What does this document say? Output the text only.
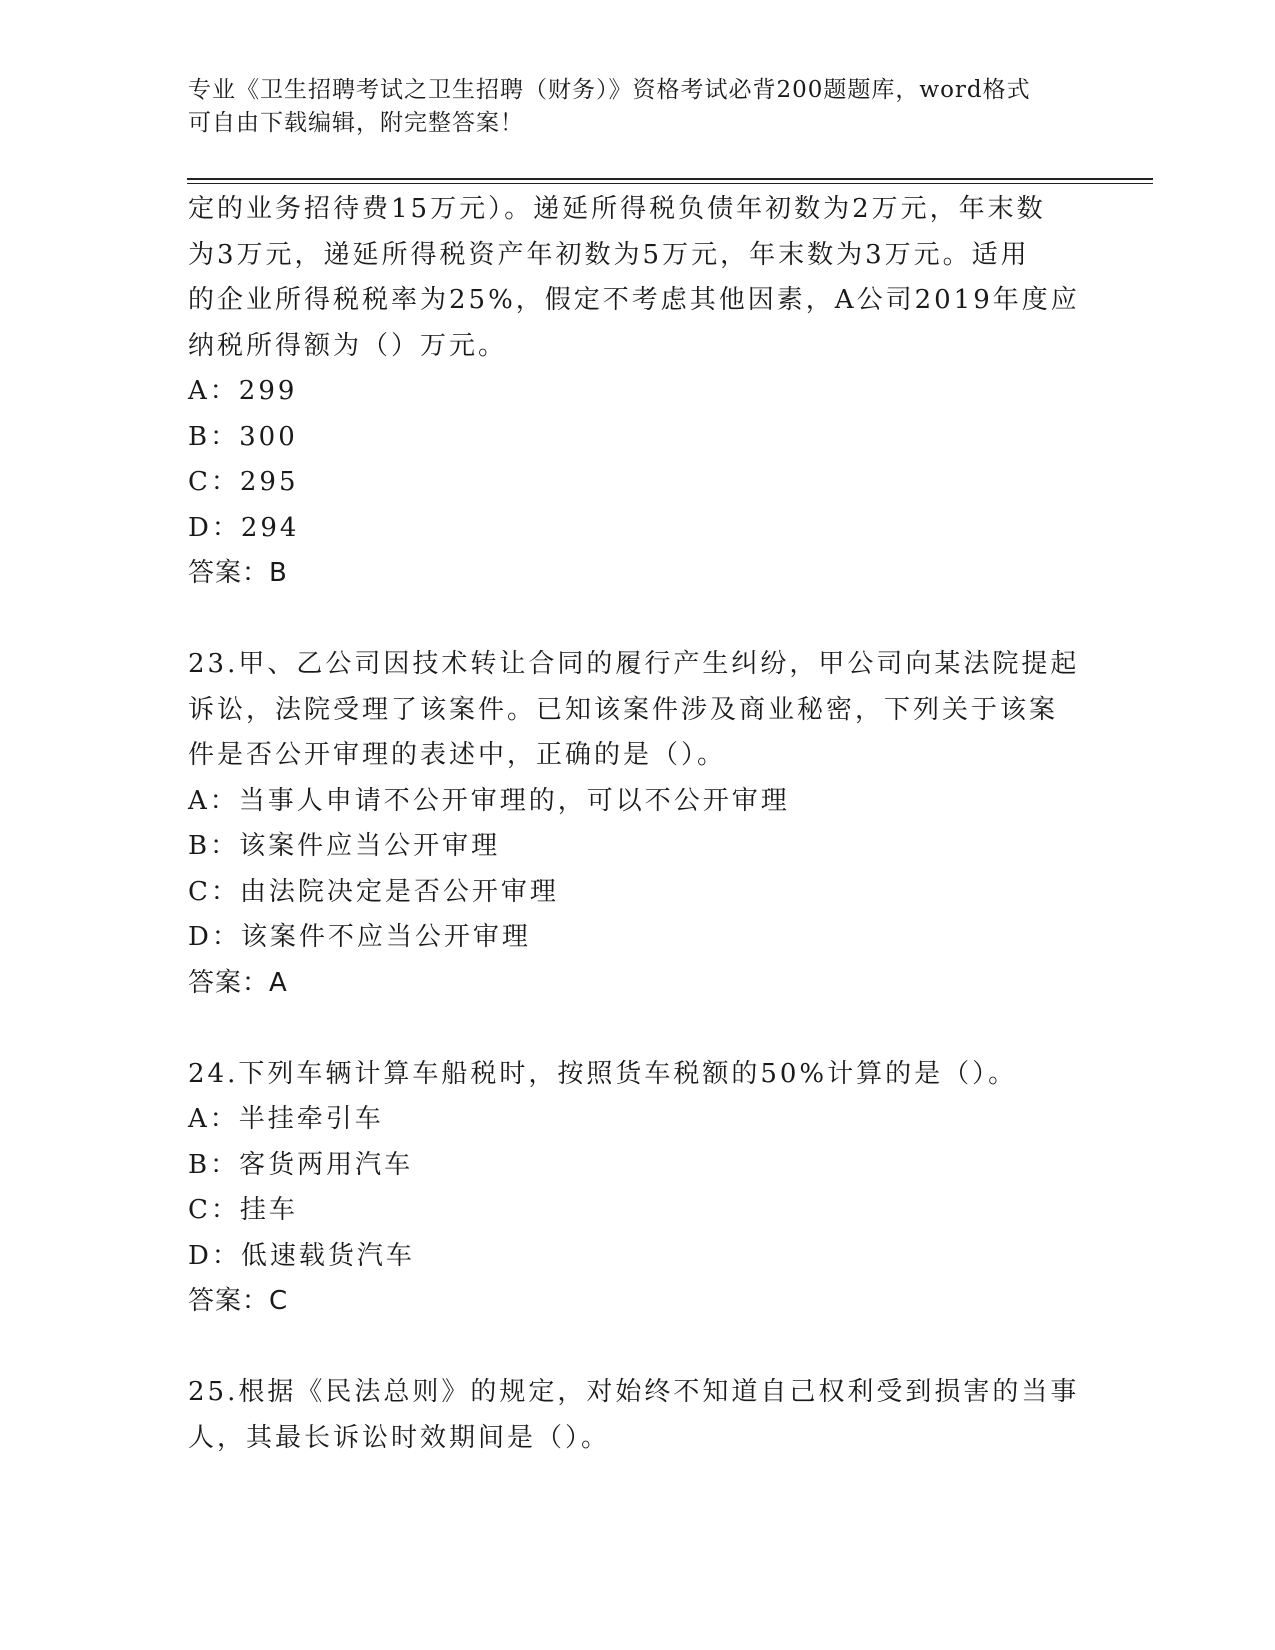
专业《卫生招聘考试之卫生招聘（财务）》资格考试必背200题题库，word格式
可自由下载编辑，附完整答案！
定的业务招待费15万元）。递延所得税负债年初数为2万元，年末数
为3万元，递延所得税资产年初数为5万元，年末数为3万元。适用
的企业所得税税率为25%，假定不考虑其他因素，A公司2019年度应
纳税所得额为（）万元。
A：299
B：300
C：295
D：294
答案：B
23.甲、乙公司因技术转让合同的履行产生纠纷，甲公司向某法院提起
诉讼，法院受理了该案件。已知该案件涉及商业秘密，下列关于该案
件是否公开审理的表述中，正确的是（）。
A：当事人申请不公开审理的，可以不公开审理
B：该案件应当公开审理
C：由法院决定是否公开审理
D：该案件不应当公开审理
答案：A
24.下列车辆计算车船税时，按照货车税额的50%计算的是（）。
A：半挂牵引车
B：客货两用汽车
C：挂车
D：低速载货汽车
答案：C
25.根据《民法总则》的规定，对始终不知道自己权利受到损害的当事
人，其最长诉讼时效期间是（）。
